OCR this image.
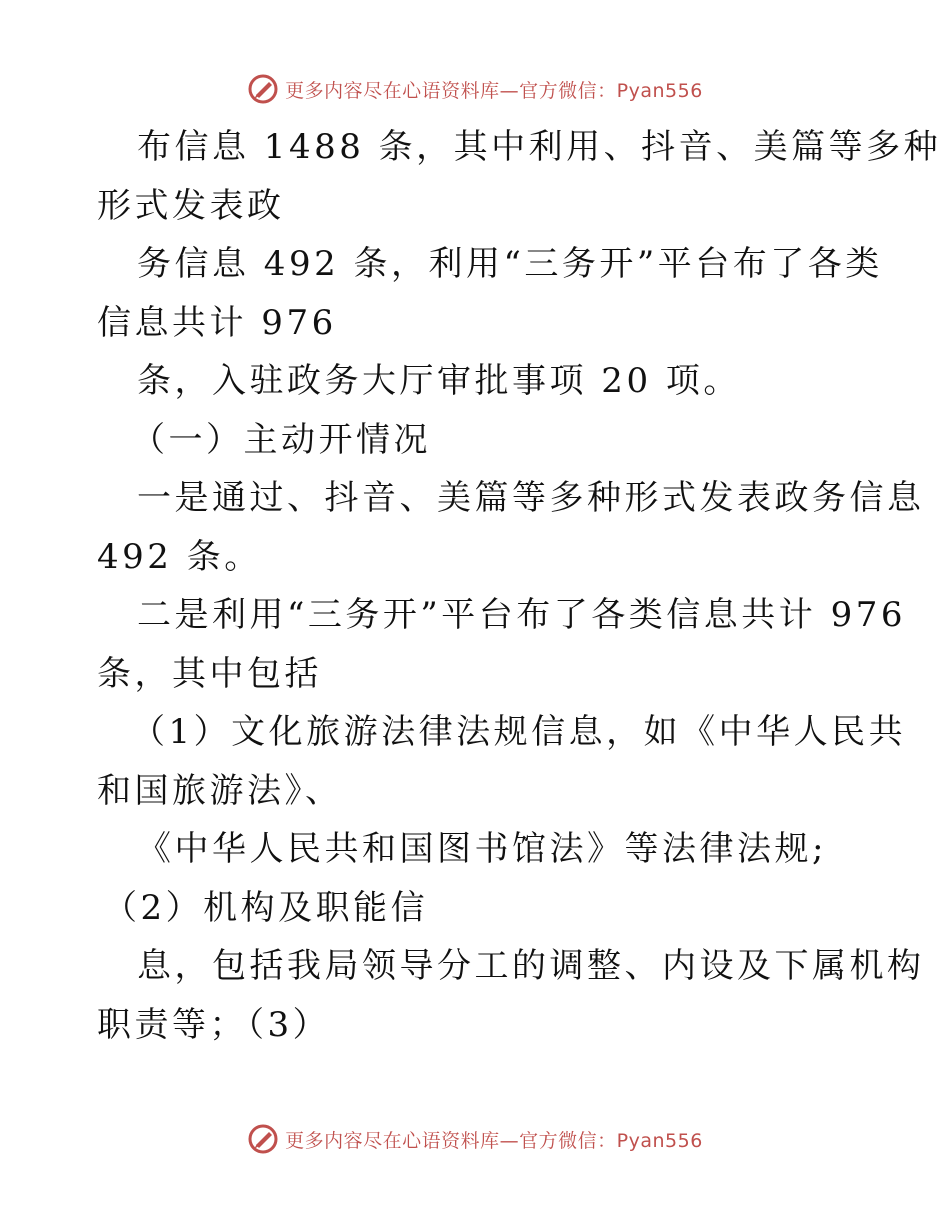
更多内容尽在心语资料库—官方微信：Pyan556
布信息 1488 条，其中利用、抖音、美篇等多种
形式发表政
务信息 492 条，利用“三务开”平台布了各类
信息共计 976
条，入驻政务大厅审批事项 20 项。
（一）主动开情况
一是通过、抖音、美篇等多种形式发表政务信息
492 条。
二是利用“三务开”平台布了各类信息共计 976
条，其中包括
（1）文化旅游法律法规信息，如《中华人民共
和国旅游法》、
《中华人民共和国图书馆法》等法律法规;
（2）机构及职能信
息，包括我局领导分工的调整、内设及下属机构
职责等；（3）
更多内容尽在心语资料库—官方微信：Pyan556
